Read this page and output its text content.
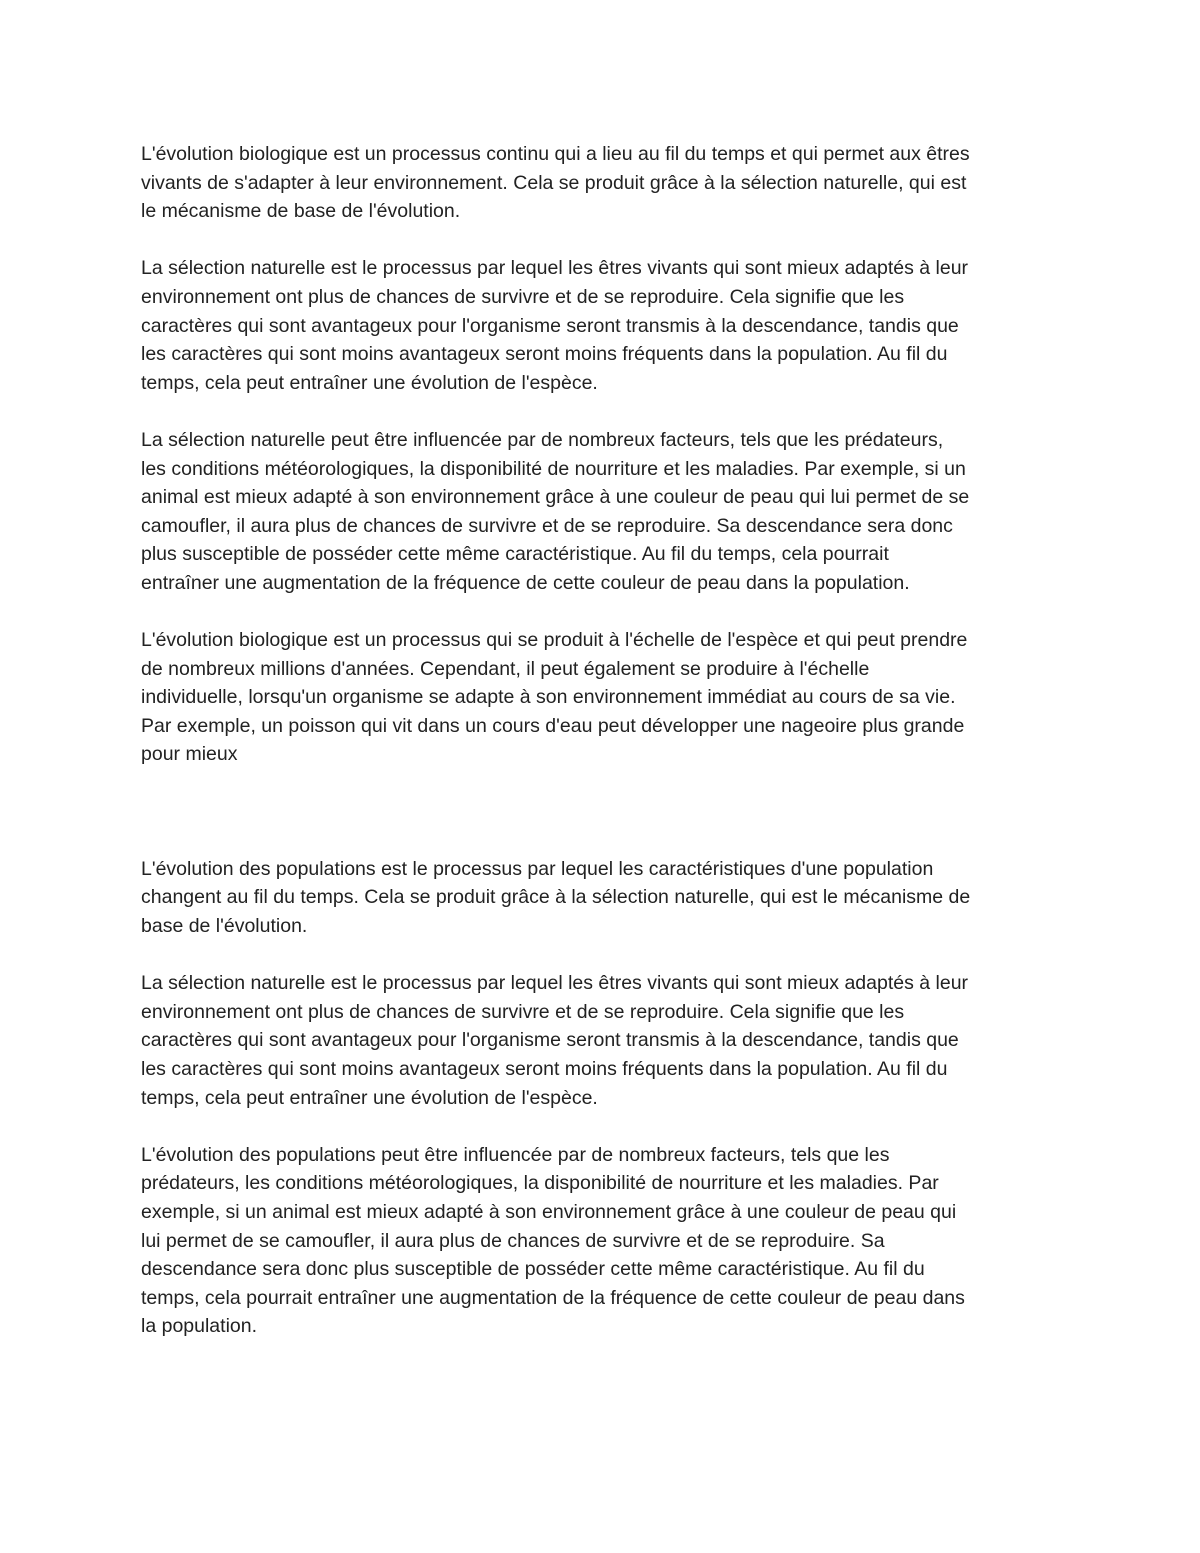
L'évolution biologique est un processus continu qui a lieu au fil du temps et qui permet aux êtres
vivants de s'adapter à leur environnement. Cela se produit grâce à la sélection naturelle, qui est
le mécanisme de base de l'évolution.
La sélection naturelle est le processus par lequel les êtres vivants qui sont mieux adaptés à leur
environnement ont plus de chances de survivre et de se reproduire. Cela signifie que les
caractères qui sont avantageux pour l'organisme seront transmis à la descendance, tandis que
les caractères qui sont moins avantageux seront moins fréquents dans la population. Au fil du
temps, cela peut entraîner une évolution de l'espèce.
La sélection naturelle peut être influencée par de nombreux facteurs, tels que les prédateurs,
les conditions météorologiques, la disponibilité de nourriture et les maladies. Par exemple, si un
animal est mieux adapté à son environnement grâce à une couleur de peau qui lui permet de se
camoufler, il aura plus de chances de survivre et de se reproduire. Sa descendance sera donc
plus susceptible de posséder cette même caractéristique. Au fil du temps, cela pourrait
entraîner une augmentation de la fréquence de cette couleur de peau dans la population.
L'évolution biologique est un processus qui se produit à l'échelle de l'espèce et qui peut prendre
de nombreux millions d'années. Cependant, il peut également se produire à l'échelle
individuelle, lorsqu'un organisme se adapte à son environnement immédiat au cours de sa vie.
Par exemple, un poisson qui vit dans un cours d'eau peut développer une nageoire plus grande
pour mieux
L'évolution des populations est le processus par lequel les caractéristiques d'une population
changent au fil du temps. Cela se produit grâce à la sélection naturelle, qui est le mécanisme de
base de l'évolution.
La sélection naturelle est le processus par lequel les êtres vivants qui sont mieux adaptés à leur
environnement ont plus de chances de survivre et de se reproduire. Cela signifie que les
caractères qui sont avantageux pour l'organisme seront transmis à la descendance, tandis que
les caractères qui sont moins avantageux seront moins fréquents dans la population. Au fil du
temps, cela peut entraîner une évolution de l'espèce.
L'évolution des populations peut être influencée par de nombreux facteurs, tels que les
prédateurs, les conditions météorologiques, la disponibilité de nourriture et les maladies. Par
exemple, si un animal est mieux adapté à son environnement grâce à une couleur de peau qui
lui permet de se camoufler, il aura plus de chances de survivre et de se reproduire. Sa
descendance sera donc plus susceptible de posséder cette même caractéristique. Au fil du
temps, cela pourrait entraîner une augmentation de la fréquence de cette couleur de peau dans
la population.
